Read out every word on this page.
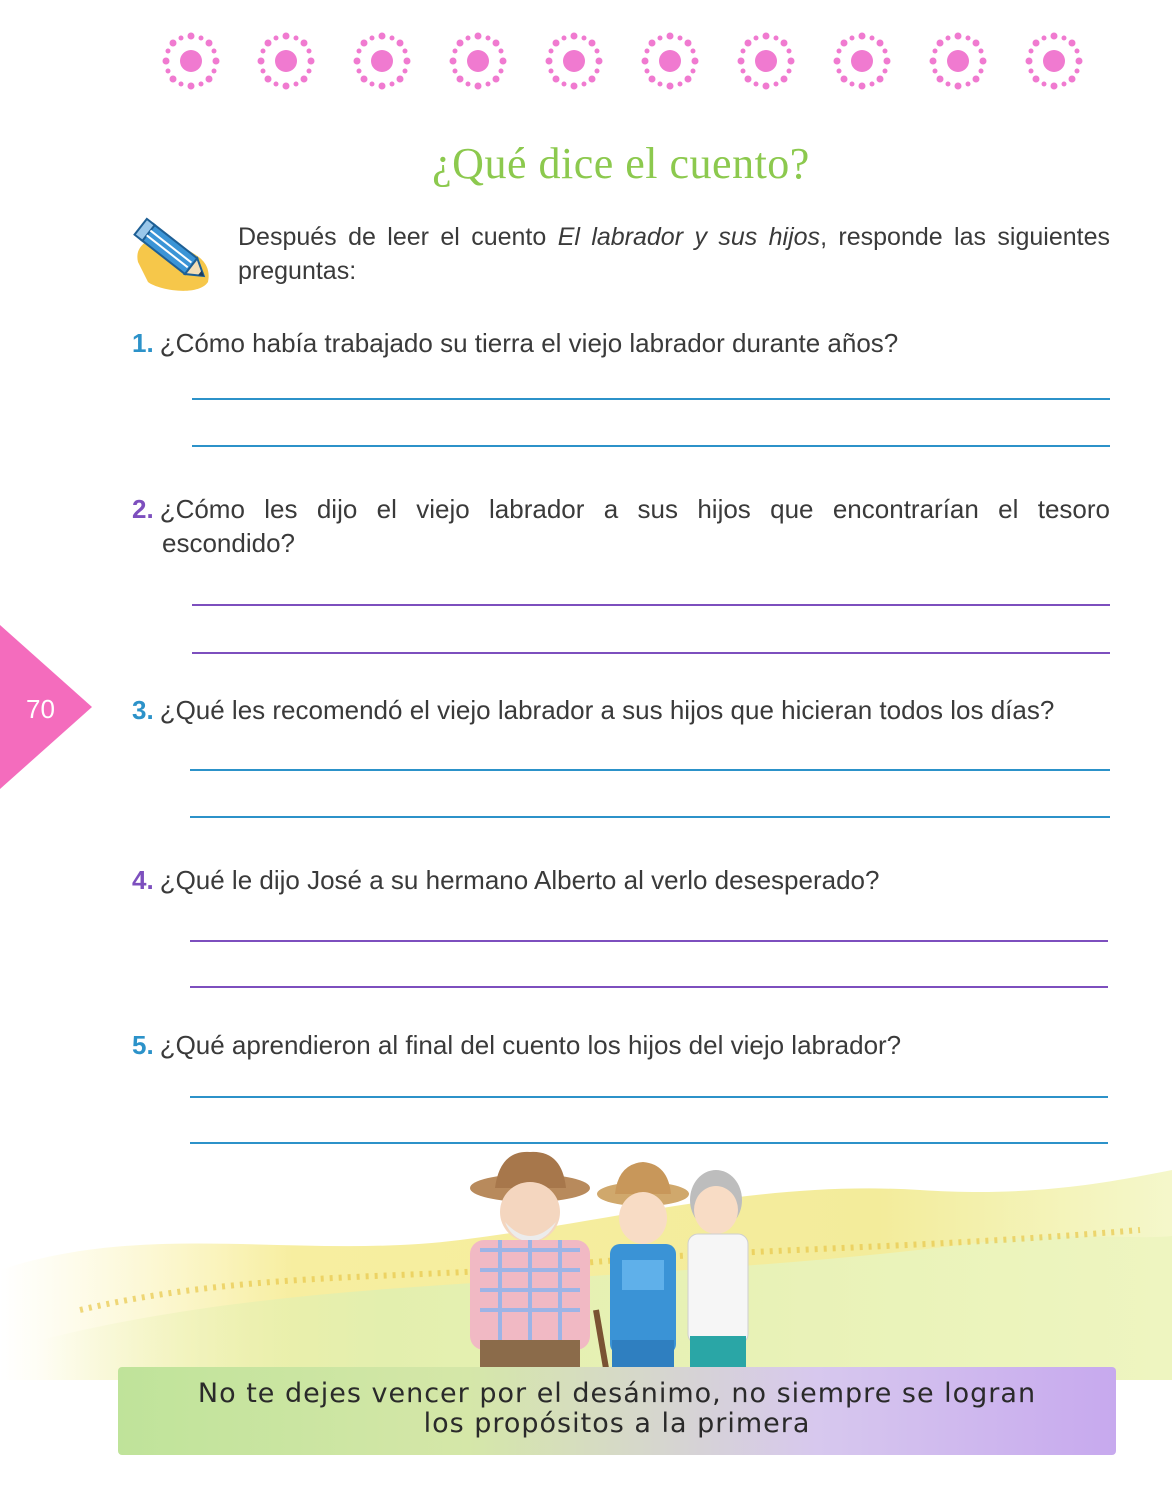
¿Qué dice el cuento?
Después de leer el cuento El labrador y sus hijos, responde las siguientes preguntas:
1. ¿Cómo había trabajado su tierra el viejo labrador durante años?
2. ¿Cómo les dijo el viejo labrador a sus hijos que encontrarían el tesoro
escondido?
70	3. ¿Qué les recomendó el viejo labrador a sus hijos que hicieran todos los días?
4. ¿Qué le dijo José a su hermano Alberto al verlo desesperado?
5. ¿Qué aprendieron al final del cuento los hijos del viejo labrador?
No te dejes vencer por el desánimo, no siempre se logran
los propósitos a la primera
